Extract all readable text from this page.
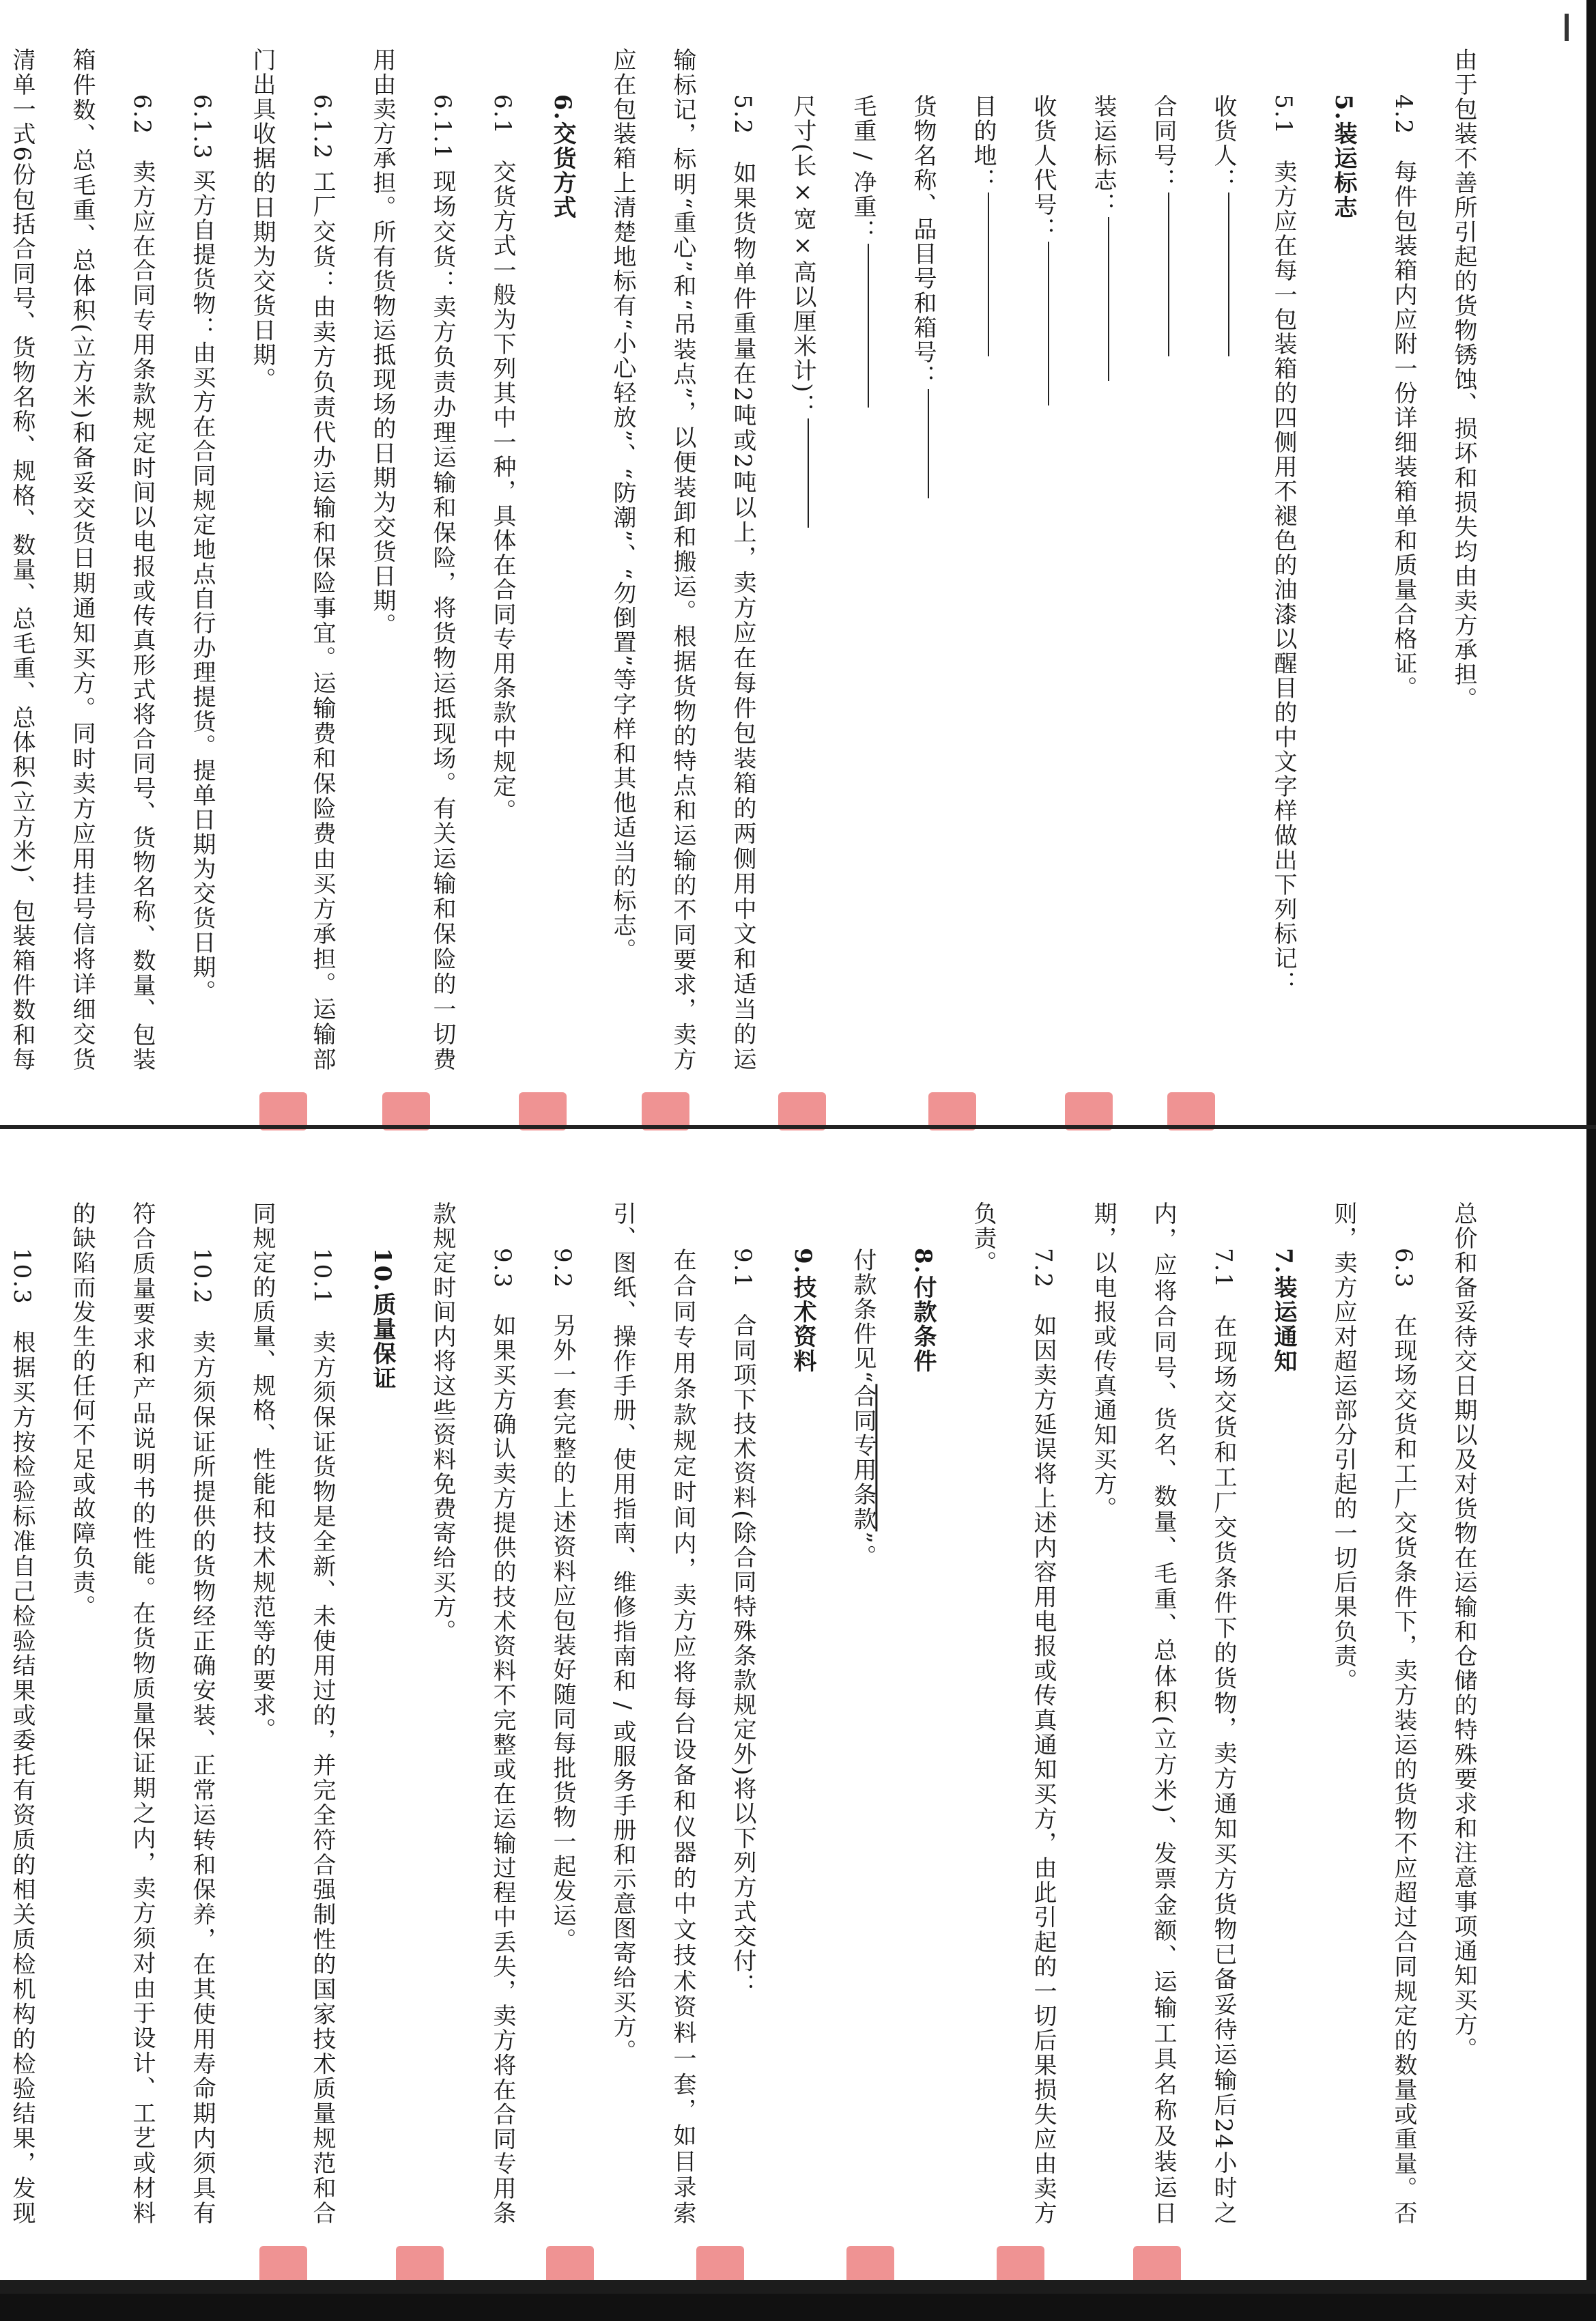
由于包装不善所引起的货物锈蚀、损坏和损失均由卖方承担。

4.2　每件包装箱内应附一份详细装箱单和质量合格证。

5.装运标志

5.1　卖方应在每一包装箱的四侧用不褪色的油漆以醒目的中文字样做出下列标记：

收货人：

合同号：

装运标志：

收货人代号：

目的地：

货物名称、品目号和箱号：

毛重 / 净重：

尺寸(长×宽×高以厘米计)：

5.2　如果货物单件重量在2吨或2吨以上，卖方应在每件包装箱的两侧用中文和适当的运输标记，标明“重心”和“吊装点”，以便装卸和搬运。根据货物的特点和运输的不同要求，卖方应在包装箱上清楚地标有“小心轻放”、“防潮”、“勿倒置”等字样和其他适当的标志。

6.交货方式

6.1　交货方式一般为下列其中一种，具体在合同专用条款中规定。

6.1.1 现场交货：卖方负责办理运输和保险，将货物运抵现场。有关运输和保险的一切费用由卖方承担。所有货物运抵现场的日期为交货日期。

6.1.2 工厂交货：由卖方负责代办运输和保险事宜。运输费和保险费由买方承担。运输部门出具收据的日期为交货日期。

6.1.3 买方自提货物：由买方在合同规定地点自行办理提货。提单日期为交货日期。

6.2　卖方应在合同专用条款规定时间以电报或传真形式将合同号、货物名称、数量、包装箱件数、总毛重、总体积(立方米)和备妥交货日期通知买方。同时卖方应用挂号信将详细交货清单一式6份包括合同号、货物名称、规格、数量、总毛重、总体积(立方米)、包装箱件数和每

总价和备妥待交日期以及对货物在运输和仓储的特殊要求和注意事项通知买方。

6.3　在现场交货和工厂交货条件下，卖方装运的货物不应超过合同规定的数量或重量。否则，卖方应对超运部分引起的一切后果负责。

7.装运通知

7.1　在现场交货和工厂交货条件下的货物，卖方通知买方货物已备妥待运输后24小时之内，应将合同号、货名、数量、毛重、总体积(立方米)、发票金额、运输工具名称及装运日期，以电报或传真通知买方。

7.2　如因卖方延误将上述内容用电报或传真通知买方，由此引起的一切后果损失应由卖方负责。

8.付款条件

付款条件见“合同专用条款”。

9.技术资料

9.1　合同项下技术资料(除合同特殊条款规定外)将以下列方式交付：

在合同专用条款规定时间内，卖方应将每台设备和仪器的中文技术资料一套，如目录索引、图纸、操作手册、使用指南、维修指南和 / 或服务手册和示意图寄给买方。

9.2　另外一套完整的上述资料应包装好随同每批货物一起发运。

9.3　如果买方确认卖方提供的技术资料不完整或在运输过程中丢失，卖方将在合同专用条款规定时间内将这些资料免费寄给买方。

10.质量保证

10.1　卖方须保证货物是全新、未使用过的，并完全符合强制性的国家技术质量规范和合同规定的质量、规格、性能和技术规范等的要求。

10.2　卖方须保证所提供的货物经正确安装、正常运转和保养，在其使用寿命期内须具有符合质量要求和产品说明书的性能。在货物质量保证期之内，卖方须对由于设计、工艺或材料的缺陷而发生的任何不足或故障负责。

10.3　根据买方按检验标准自己检验结果或委托有资质的相关质检机构的检验结果，发现
